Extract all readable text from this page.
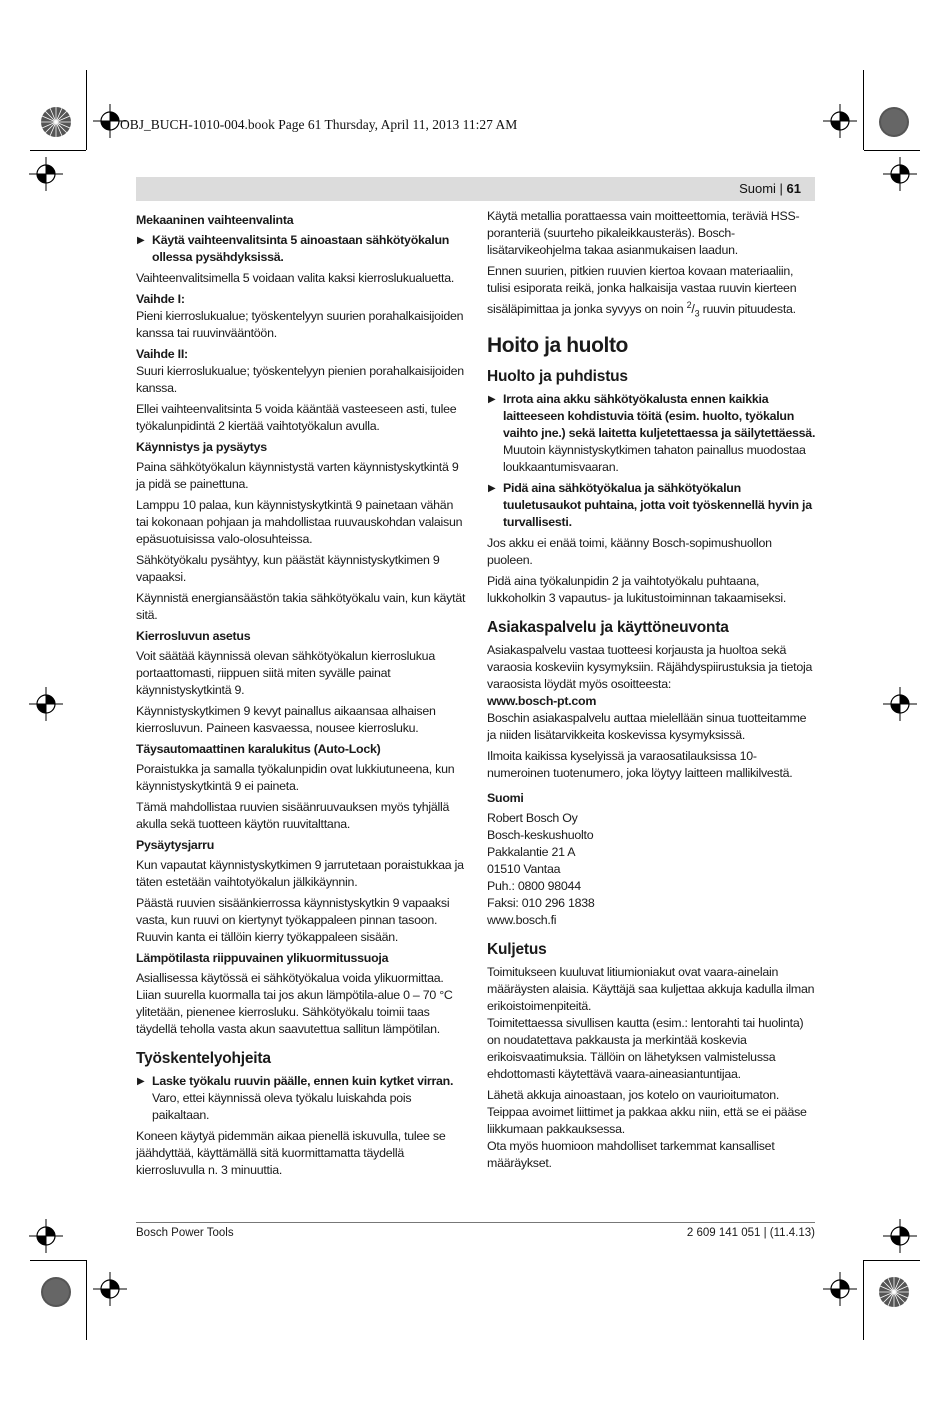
OBJ_BUCH-1010-004.book Page 61 Thursday, April 11, 2013 11:27 AM
Suomi | 61
Mekaaninen vaihteenvalinta
▶ Käytä vaihteenvalitsinta 5 ainoastaan sähkötyökalun ollessa pysähdyksissä.

Vaihteenvalitsimella 5 voidaan valita kaksi kierroslukualuetta.

Vaihde I:
Pieni kierroslukualue; työskentelyyn suurien porahalkaisijoiden kanssa tai ruuvinvääntöön.
Vaihde II:
Suuri kierroslukualue; työskentelyyn pienien porahalkaisijoiden kanssa.

Ellei vaihteenvalitsinta 5 voida kääntää vasteeseen asti, tulee työkalunpidintä 2 kiertää vaihtotyökalun avulla.

Käynnistys ja pysäytys

Paina sähkötyökalun käynnistystä varten käynnistyskytkintä 9 ja pidä se painettuna.

Lamppu 10 palaa, kun käynnistyskytkintä 9 painetaan vähän tai kokonaan pohjaan ja mahdollistaa ruuvauskohdan valaisun epäsuotuisissa valo-olosuhteissa.

Sähkötyökalu pysähtyy, kun päästät käynnistyskytkimen 9 vapaaksi.

Käynnistä energiansäästön takia sähkötyökalu vain, kun käytät sitä.

Kierrosluvun asetus

Voit säätää käynnissä olevan sähkötyökalun kierroslukua portaattomasti, riippuen siitä miten syvälle painat käynnistyskytkintä 9.

Käynnistyskytkimen 9 kevyt painallus aikaansaa alhaisen kierrosluvun. Paineen kasvaessa, nousee kierrosluku.

Täysautomaattinen karalukitus (Auto-Lock)

Poraistukka ja samalla työkalunpidin ovat lukkiutuneena, kun käynnistyskytkintä 9 ei paineta.

Tämä mahdollistaa ruuvien sisäänruuvauksen myös tyhjällä akulla sekä tuotteen käytön ruuvitalttana.

Pysäytysjarru

Kun vapautat käynnistyskytkimen 9 jarrutetaan poraistukkaa ja täten estetään vaihtotyökalun jälkikäynnin.

Päästä ruuvien sisäänkierrossa käynnistyskytkin 9 vapaaksi vasta, kun ruuvi on kiertynyt työkappaleen pinnan tasoon. Ruuvin kanta ei tällöin kierry työkappaleen sisään.

Lämpötilasta riippuvainen ylikuormitussuoja

Asiallisessa käytössä ei sähkötyökalua voida ylikuormittaa. Liian suurella kuormalla tai jos akun lämpötila-alue 0 – 70 °C ylitetään, pienenee kierrosluku. Sähkötyökalu toimii taas täydellä teholla vasta akun saavutettua sallitun lämpötilan.

Työskentelyohjeita
▶ Laske työkalu ruuvin päälle, ennen kuin kytket virran. Varo, ettei käynnissä oleva työkalu luiskahda pois paikaltaan.

Koneen käytyä pidemmän aikaa pienellä iskuvulla, tulee se jäähdyttää, käyttämällä sitä kuormittamatta täydellä kierrosluvulla n. 3 minuuttia.

Käytä metallia porattaessa vain moitteettomia, teräviä HSS-poranteriä (suurteho pikaleikkausteräs). Bosch-lisätarvikeohjelma takaa asianmukaisen laadun.

Ennen suurien, pitkien ruuvien kiertoa kovaan materiaaliin, tulisi esiporata reikä, jonka halkaisija vastaa ruuvin kierteen sisäläpimittaa ja jonka syvyys on noin $^2/_3$ ruuvin pituudesta.

Hoito ja huolto
Huolto ja puhdistus
▶ Irrota aina akku sähkötyökalusta ennen kaikkia laitteeseen kohdistuvia töitä (esim. huolto, työkalun vaihto jne.) sekä laitetta kuljetettaessa ja säilytettäessä. Muutoin käynnistyskytkimen tahaton painallus muodostaa loukkaantumisvaaran.
▶ Pidä aina sähkötyökalua ja sähkötyökalun tuuletusaukot puhtaina, jotta voit työskennellä hyvin ja turvallisesti.

Jos akku ei enää toimi, käänny Bosch-sopimushuollon puoleen.

Pidä aina työkalunpidin 2 ja vaihtotyökalu puhtaana, lukkoholkin 3 vapautus- ja lukitustoiminnan takaamiseksi.

Asiakaspalvelu ja käyttöneuvonta

Asiakaspalvelu vastaa tuotteesi korjausta ja huoltoa sekä varaosia koskeviin kysymyksiin. Räjähdyspiirustuksia ja tietoja varaosista löydät myös osoitteesta:

www.bosch-pt.com

Boschin asiakaspalvelu auttaa mielellään sinua tuotteitamme ja niiden lisätarvikkeita koskevissa kysymyksissä.

Ilmoita kaikissa kyselyissä ja varaosatilauksissa 10-numeroinen tuotenumero, joka löytyy laitteen mallikilvestä.

Suomi
Robert Bosch Oy
Bosch-keskushuolto
Pakkalantie 21 A
01510 Vantaa
Puh.: 0800 98044
Faksi: 010 296 1838
www.bosch.fi
Kuljetus

Toimitukseen kuuluvat litiumioniakut ovat vaara-ainelain määräysten alaisia. Käyttäjä saa kuljettaa akkuja kadulla ilman erikoistoimenpiteitä.

Toimitettaessa sivullisen kautta (esim.: lentorahti tai huolinta) on noudatettava pakkausta ja merkintää koskevia erikoisvaatimuksia. Tällöin on lähetyksen valmistelussa ehdottomasti käytettävä vaara-aineasiantuntijaa.

Lähetä akkuja ainoastaan, jos kotelo on vaurioitumaton. Teippaa avoimet liittimet ja pakkaa akku niin, että se ei pääse liikkumaan pakkauksessa.

Ota myös huomioon mahdolliset tarkemmat kansalliset määräykset.

Bosch Power Tools	2 609 141 051 | (11.4.13)
